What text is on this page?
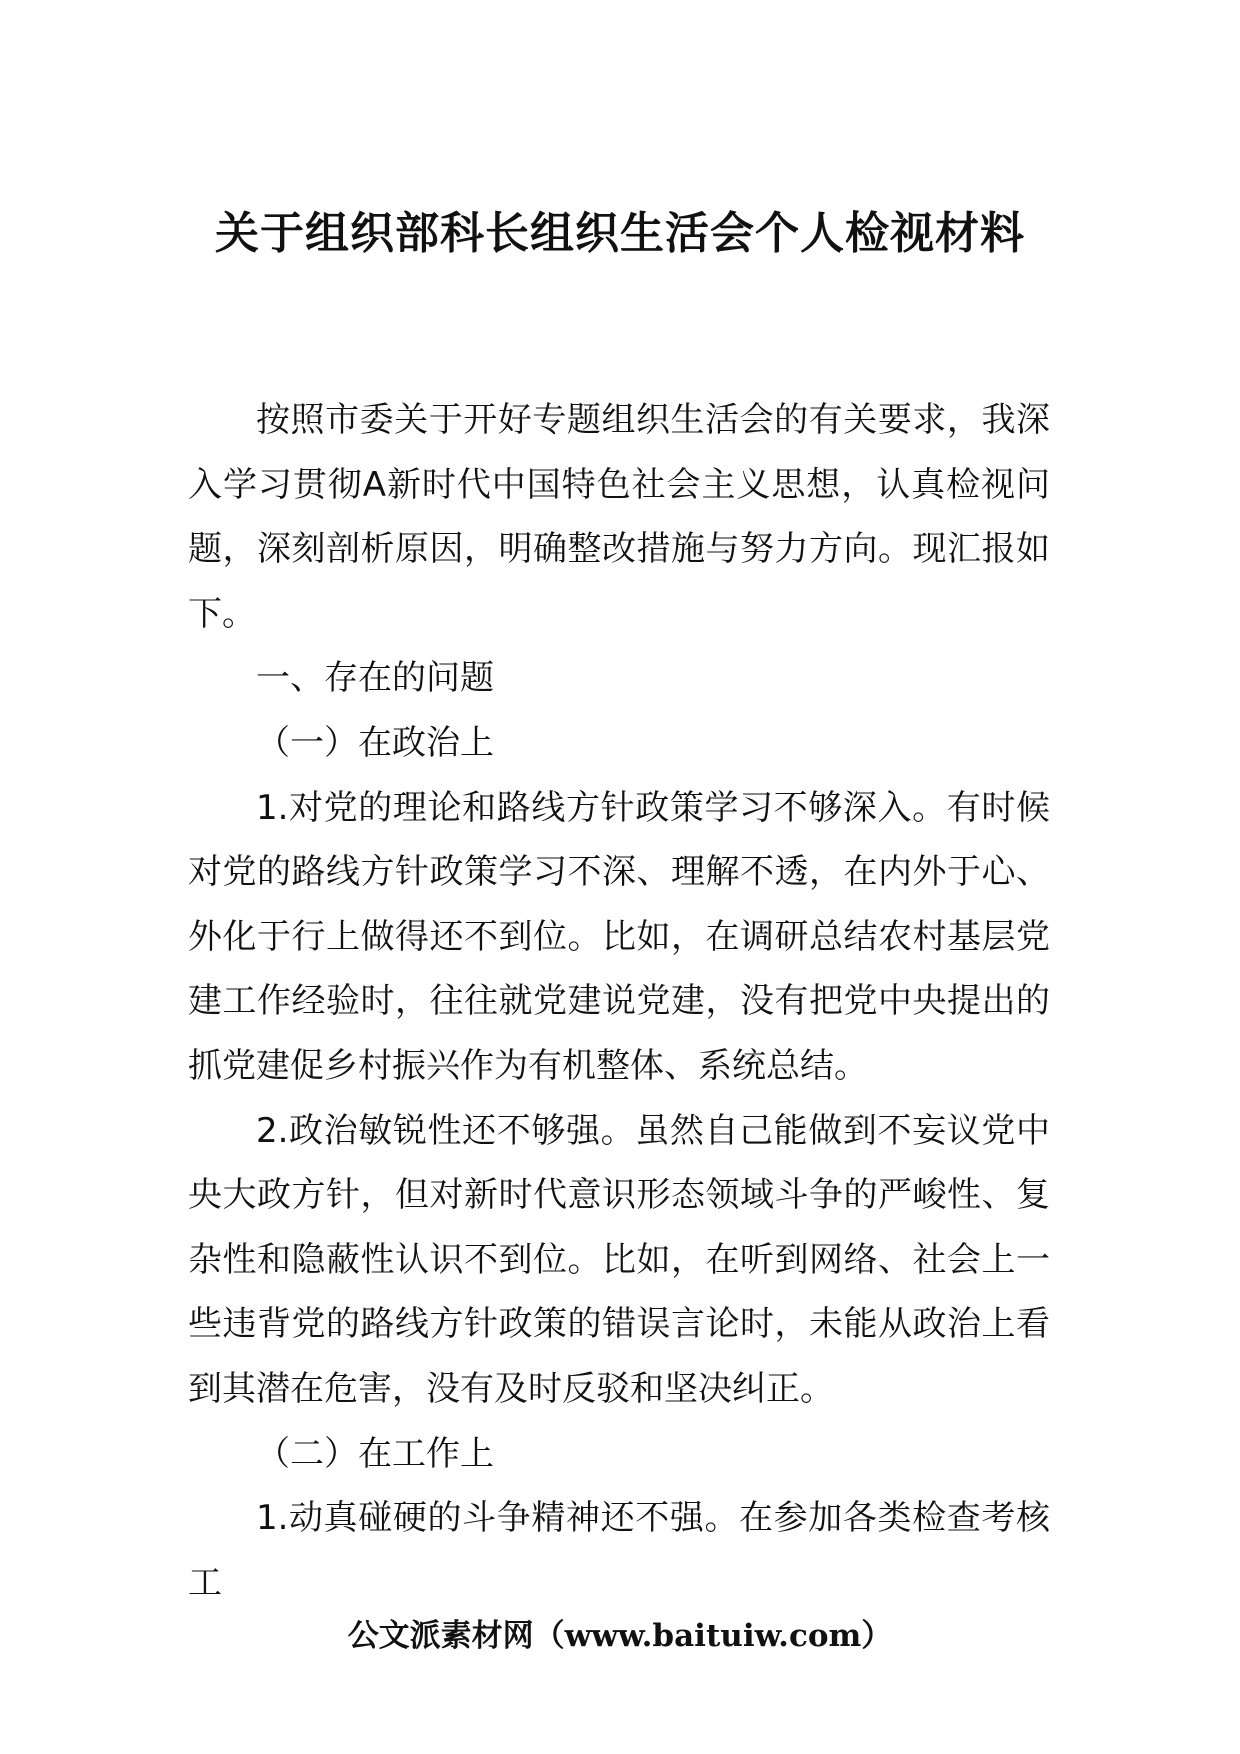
关于组织部科长组织生活会个人检视材料

按照市委关于开好专题组织生活会的有关要求，我深入学习贯彻A新时代中国特色社会主义思想，认真检视问题，深刻剖析原因，明确整改措施与努力方向。现汇报如下。

一、存在的问题

（一）在政治上

1.对党的理论和路线方针政策学习不够深入。有时候对党的路线方针政策学习不深、理解不透，在内外于心、外化于行上做得还不到位。比如，在调研总结农村基层党建工作经验时，往往就党建说党建，没有把党中央提出的抓党建促乡村振兴作为有机整体、系统总结。

2.政治敏锐性还不够强。虽然自己能做到不妄议党中央大政方针，但对新时代意识形态领域斗争的严峻性、复杂性和隐蔽性认识不到位。比如，在听到网络、社会上一些违背党的路线方针政策的错误言论时，未能从政治上看到其潜在危害，没有及时反驳和坚决纠正。

（二）在工作上

1.动真碰硬的斗争精神还不强。在参加各类检查考核工

公文派素材网（www.baituiw.com）
